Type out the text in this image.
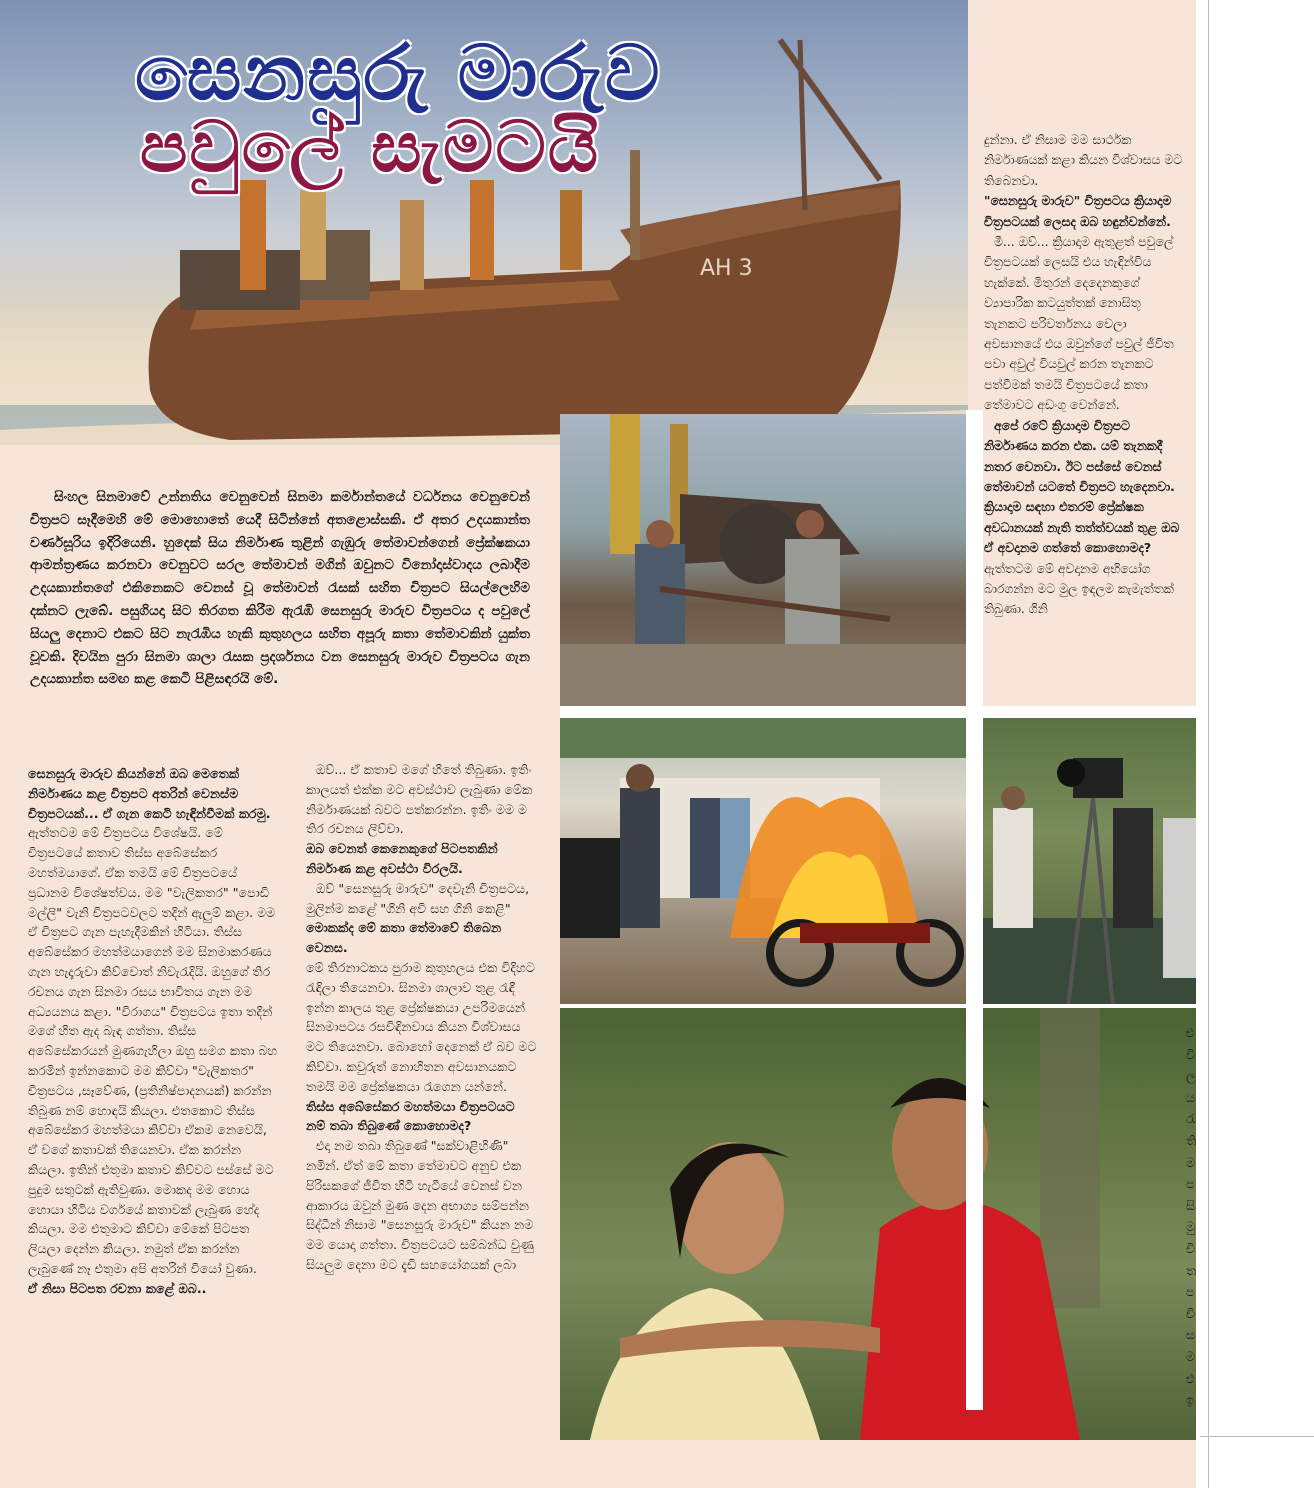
AH 3
සෙනසුරු මාරුව
පවුලේ සැමටයි

සිංහල සිනමාවේ උන්නතිය වෙනුවෙන් සිනමා කර්මාන්තයේ වර්ධනය වෙනුවෙන් චිත්‍රපට සෑදීමෙහි මේ මොහොතේ යෙදී සිටින්නේ අතළොස්සකි. ඒ අතර උදයකාන්ත වර්ණසූරිය ඉදිරියෙනි. හුදෙක් සිය නිර්මාණ තුළින් ගැඹුරු තේමාවන්ගෙන් ප්‍රේක්ෂකයා ආමන්ත්‍රණය කරනවා වෙනුවට සරල තේමාවන් මගින් ඔවුනට විනෝදාස්වාදය ලබාදීම උදයකාන්තගේ එකිනෙකට වෙනස් වූ තේමාවන් රැසක් සහිත චිත්‍රපට සියල්ලෙහිම දක්නට ලැබේ. පසුගියදා සිට තිරගත කිරීම ඇරැඹි සෙනසුරු මාරුව චිත්‍රපටය ද පවුලේ සියලු දෙනාට එකට සිට නැරැඹිය හැකි කුතුහලය සහිත අපූරු කතා තේමාවකින් යුක්ත වූවකි. දිවයින පුරා සිනමා ශාලා රැසක ප්‍රදර්ශනය වන සෙනසුරු මාරුව චිත්‍රපටය ගැන උදයකාන්ත සමඟ කළ කෙටි පිළිසඳරයි මේ.

සෙනසුරු මාරුව කියන්නේ ඔබ මෙතෙක් නිර්මාණය කළ චිත්‍රපට අතරින් වෙනස්ම චිත්‍රපටයක්... ඒ ගැන කෙටි හැඳින්වීමක් කරමු.

ඇත්තටම මේ චිත්‍රපටය විශේෂයි. මේ චිත්‍රපටයේ කතාව තිස්ස අබේසේකර මහත්මයාගේ. ඒක තමයි මේ චිත්‍රපටයේ ප්‍රධානම විශේෂත්වය. මම "වැලිකතර" "පොඩි මල්ලි" වැනි චිත්‍රපටවලට තදින් ඇලුම් කළා. මම ඒ චිත්‍රපට ගැන පැහැදීමකින් හිටියා. තිස්ස අබේසේකර මහත්මයාගෙන් මම සිනමාකරණය ගැන හැදෑරුවා කිව්වොත් නිවැරැදියි. ඔහුගේ තිර රචනය ගැන සිනමා රසය භාවිතය ගැන මම අධ්‍යයනය කළා. "විරාගය" චිත්‍රපටය ඉතා තදින් මගේ හිත ඇද බැඳ ගත්තා. තිස්ස අබේසේකරයන් මුණගැහිලා ඔහු සමග කතා බහ කරමින් ඉන්නකොට මම කිව්වා "වැලිකතර" චිත්‍රපටය ,සෑවේණ, (ප්‍රතිනිෂ්පාදනයක්) කරන්න තිබුණ නම් හොඳයි කියලා. එතකොට තිස්ස අබේසේකර මහත්මයා කිව්වා ඒකම නෙවෙයි, ඒ වගේ කතාවක් තියෙනවා. ඒක කරන්න කියලා. ඉතින් එතුමා කතාව කිව්වට පස්සේ මට පුදුම සතුටක් ඇතිවුණා. මොකද මම හොය හොයා හිටිය වර්ගයේ කතාවක් ලැබුණ හේද කියලා. මම එතුමාට කිව්වා මේකේ පිටපත ලියලා දෙන්න කියලා. නමුත් ඒක කරන්න ලැබුණේ නෑ එතුමා අපි අතරින් වියෝ වුණා.

ඒ නිසා පිටපත රචනා කළේ ඔබ..

ඔව්... ඒ කතාව මගේ හිතේ තිබුණා. ඉතිං කාලයත් එක්ක මට අවස්ථාව ලැබුණා මේක නිර්මාණයක් බවට පත්කරන්න. ඉතිං මම ම තිර රචනය ලිව්වා.

ඔබ වෙනත් කෙනෙකුගේ පිටපතකින් නිර්මාණ කළ අවස්ථා විරලයි.

ඔව් "සෙනසුරු මාරුව" දෙවැනි චිත්‍රපටය, මුලින්ම කළේ "ගිනි අවි සහ ගිනි කෙළි"

මොකක්ද මේ කතා තේමාවේ තිබෙන වෙනස.

මේ තිරනාටකය පුරාම කුතුහලය එක විදිහට රැඳිලා තියෙනවා. සිනමා ශාලාව තුළ රැඳී ඉන්න කාලය තුළ ප්‍රේක්ෂකයා උපරිමයෙන් සිනමාපටය රසවිඳිනවාය කියන විශ්වාසය මට තියෙනවා. බොහෝ දෙනෙක් ඒ බව මට කිව්වා. කවුරුත් නොහිතන අවසානයකට තමයි මම ප්‍රේක්ෂකයා රැගෙන යන්නේ.

තිස්ස අබේසේකර මහත්මයා චිත්‍රපටයට නම් තබා තිබුණේ කොහොමද?

එදා නම තබා තිබුණේ "සක්වාළිහිණි" නමින්. ඒත් මේ කතා තේමාවට අනුව එක පිරිසකගේ ජීවිත හිටි හැටියේ වෙනස් වන ආකාරය ඔවුන් මුණ දෙන අභාග්‍ය සම්පන්න සිද්ධීන් නිසාම "සෙනසුරු මාරුව" කියන නම මම යොදා ගත්තා. චිත්‍රපටයට සම්බන්ධ වුණු සියලුම දෙනා මට දැඩි සහයෝගයක් ලබා

දුන්නා. ඒ නිසාම මම සාර්ථක නිර්මාණයක් කළා කියන විශ්වාසය මට තිබෙනවා.

"සෙනසුරු මාරුව" චිත්‍රපටය ක්‍රියාදාම චිත්‍රපටයක් ලෙසද ඔබ හඳුන්වන්නේ.

මී... ඔව්... ක්‍රියාදාම ඇතුළත් පවුලේ චිත්‍රපටයක් ලෙසයි එය හැඳින්විය හැක්කේ. මිතුරන් දෙදෙනකුගේ ව්‍යාපාරික කටයුත්තක් නොසිතූ තැනකට පරිවර්තනය වෙලා අවසානයේ එය ඔවුන්ගේ පවුල් ජීවිත පවා අවුල් වියවුල් කරන තැනකට පත්වීමක් තමයි චිත්‍රපටයේ කතා තේමාවට අඩංගු වෙන්නේ.

අපේ රටේ ක්‍රියාදාම චිත්‍රපට නිර්මාණය කරන එක. යම් තැනකදී නතර වෙනවා. ඊට පස්සේ වෙනස් තේමාවන් යටතේ චිත්‍රපට හැදෙනවා. ක්‍රියාදාම සඳහා එතරම් ප්‍රේක්ෂක අවධානයක් නැති තත්ත්වයක් තුළ ඔබ ඒ අවදානම ගත්තේ කොහොමද?

ඇත්තටම මේ අවදානම අභියෝග බාරගන්න මට මුල ඉඳලම කැමැත්තක් තිබුණා. ගිනි

එ
වි
ල
ය
රැ
ති
ම
ප
සි
මු
චි
ත
ප
චි
ස
ම
එ
ඉ
